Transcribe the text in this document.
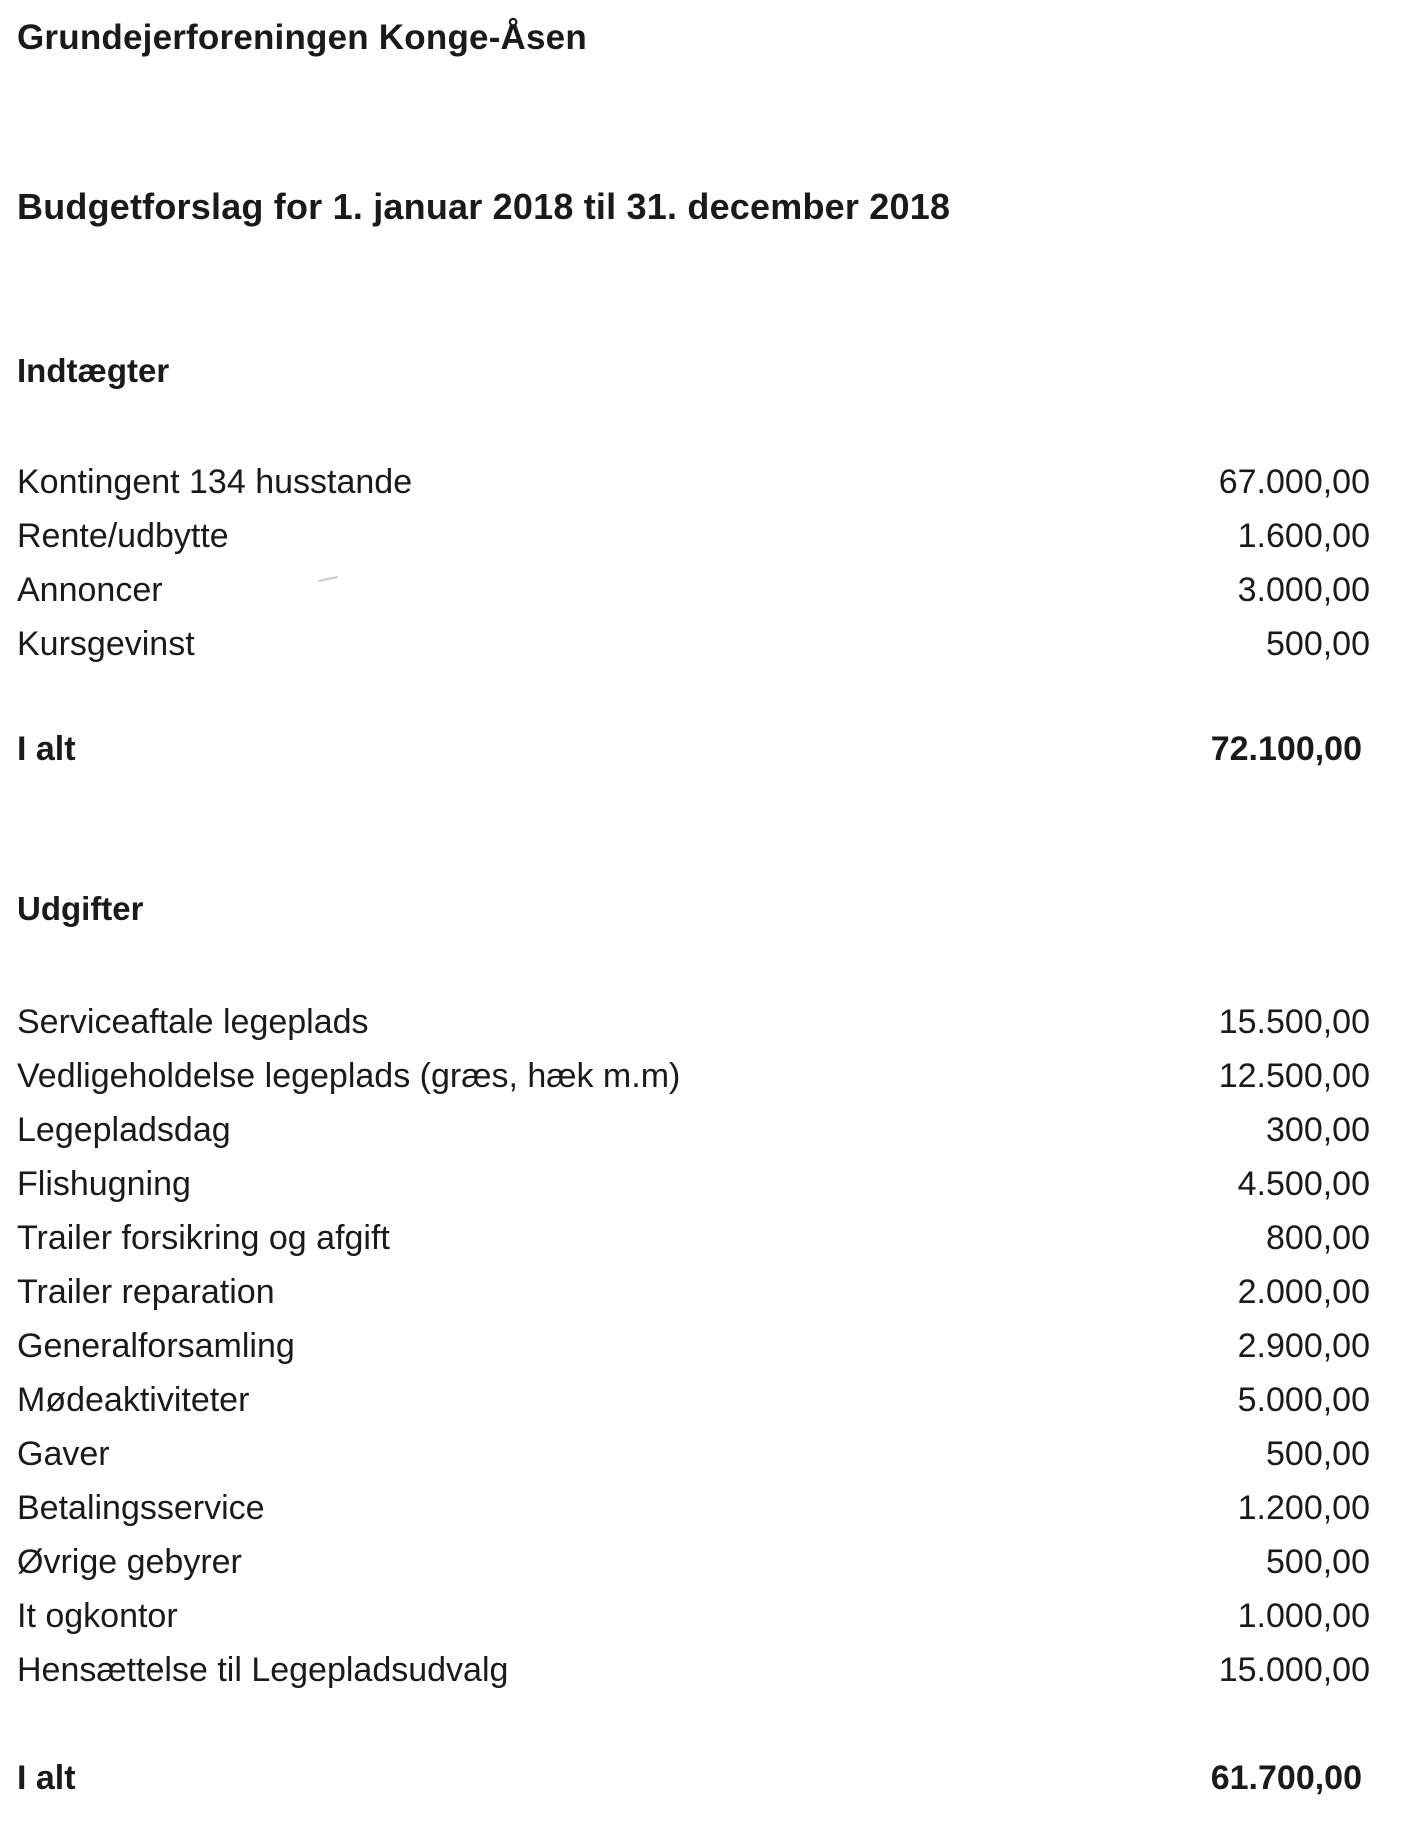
Grundejerforeningen Konge-Åsen
Budgetforslag for 1. januar 2018 til 31. december 2018
Indtægter
Kontingent 134 husstande	67.000,00
Rente/udbytte	1.600,00
Annoncer	3.000,00
Kursgevinst	500,00
I alt	72.100,00
Udgifter
Serviceaftale legeplads	15.500,00
Vedligeholdelse legeplads (græs, hæk m.m)	12.500,00
Legepladsdag	300,00
Flishugning	4.500,00
Trailer forsikring og afgift	800,00
Trailer reparation	2.000,00
Generalforsamling	2.900,00
Mødeaktiviteter	5.000,00
Gaver	500,00
Betalingsservice	1.200,00
Øvrige gebyrer	500,00
It ogkontor	1.000,00
Hensættelse til Legepladsudvalg	15.000,00
I alt	61.700,00
